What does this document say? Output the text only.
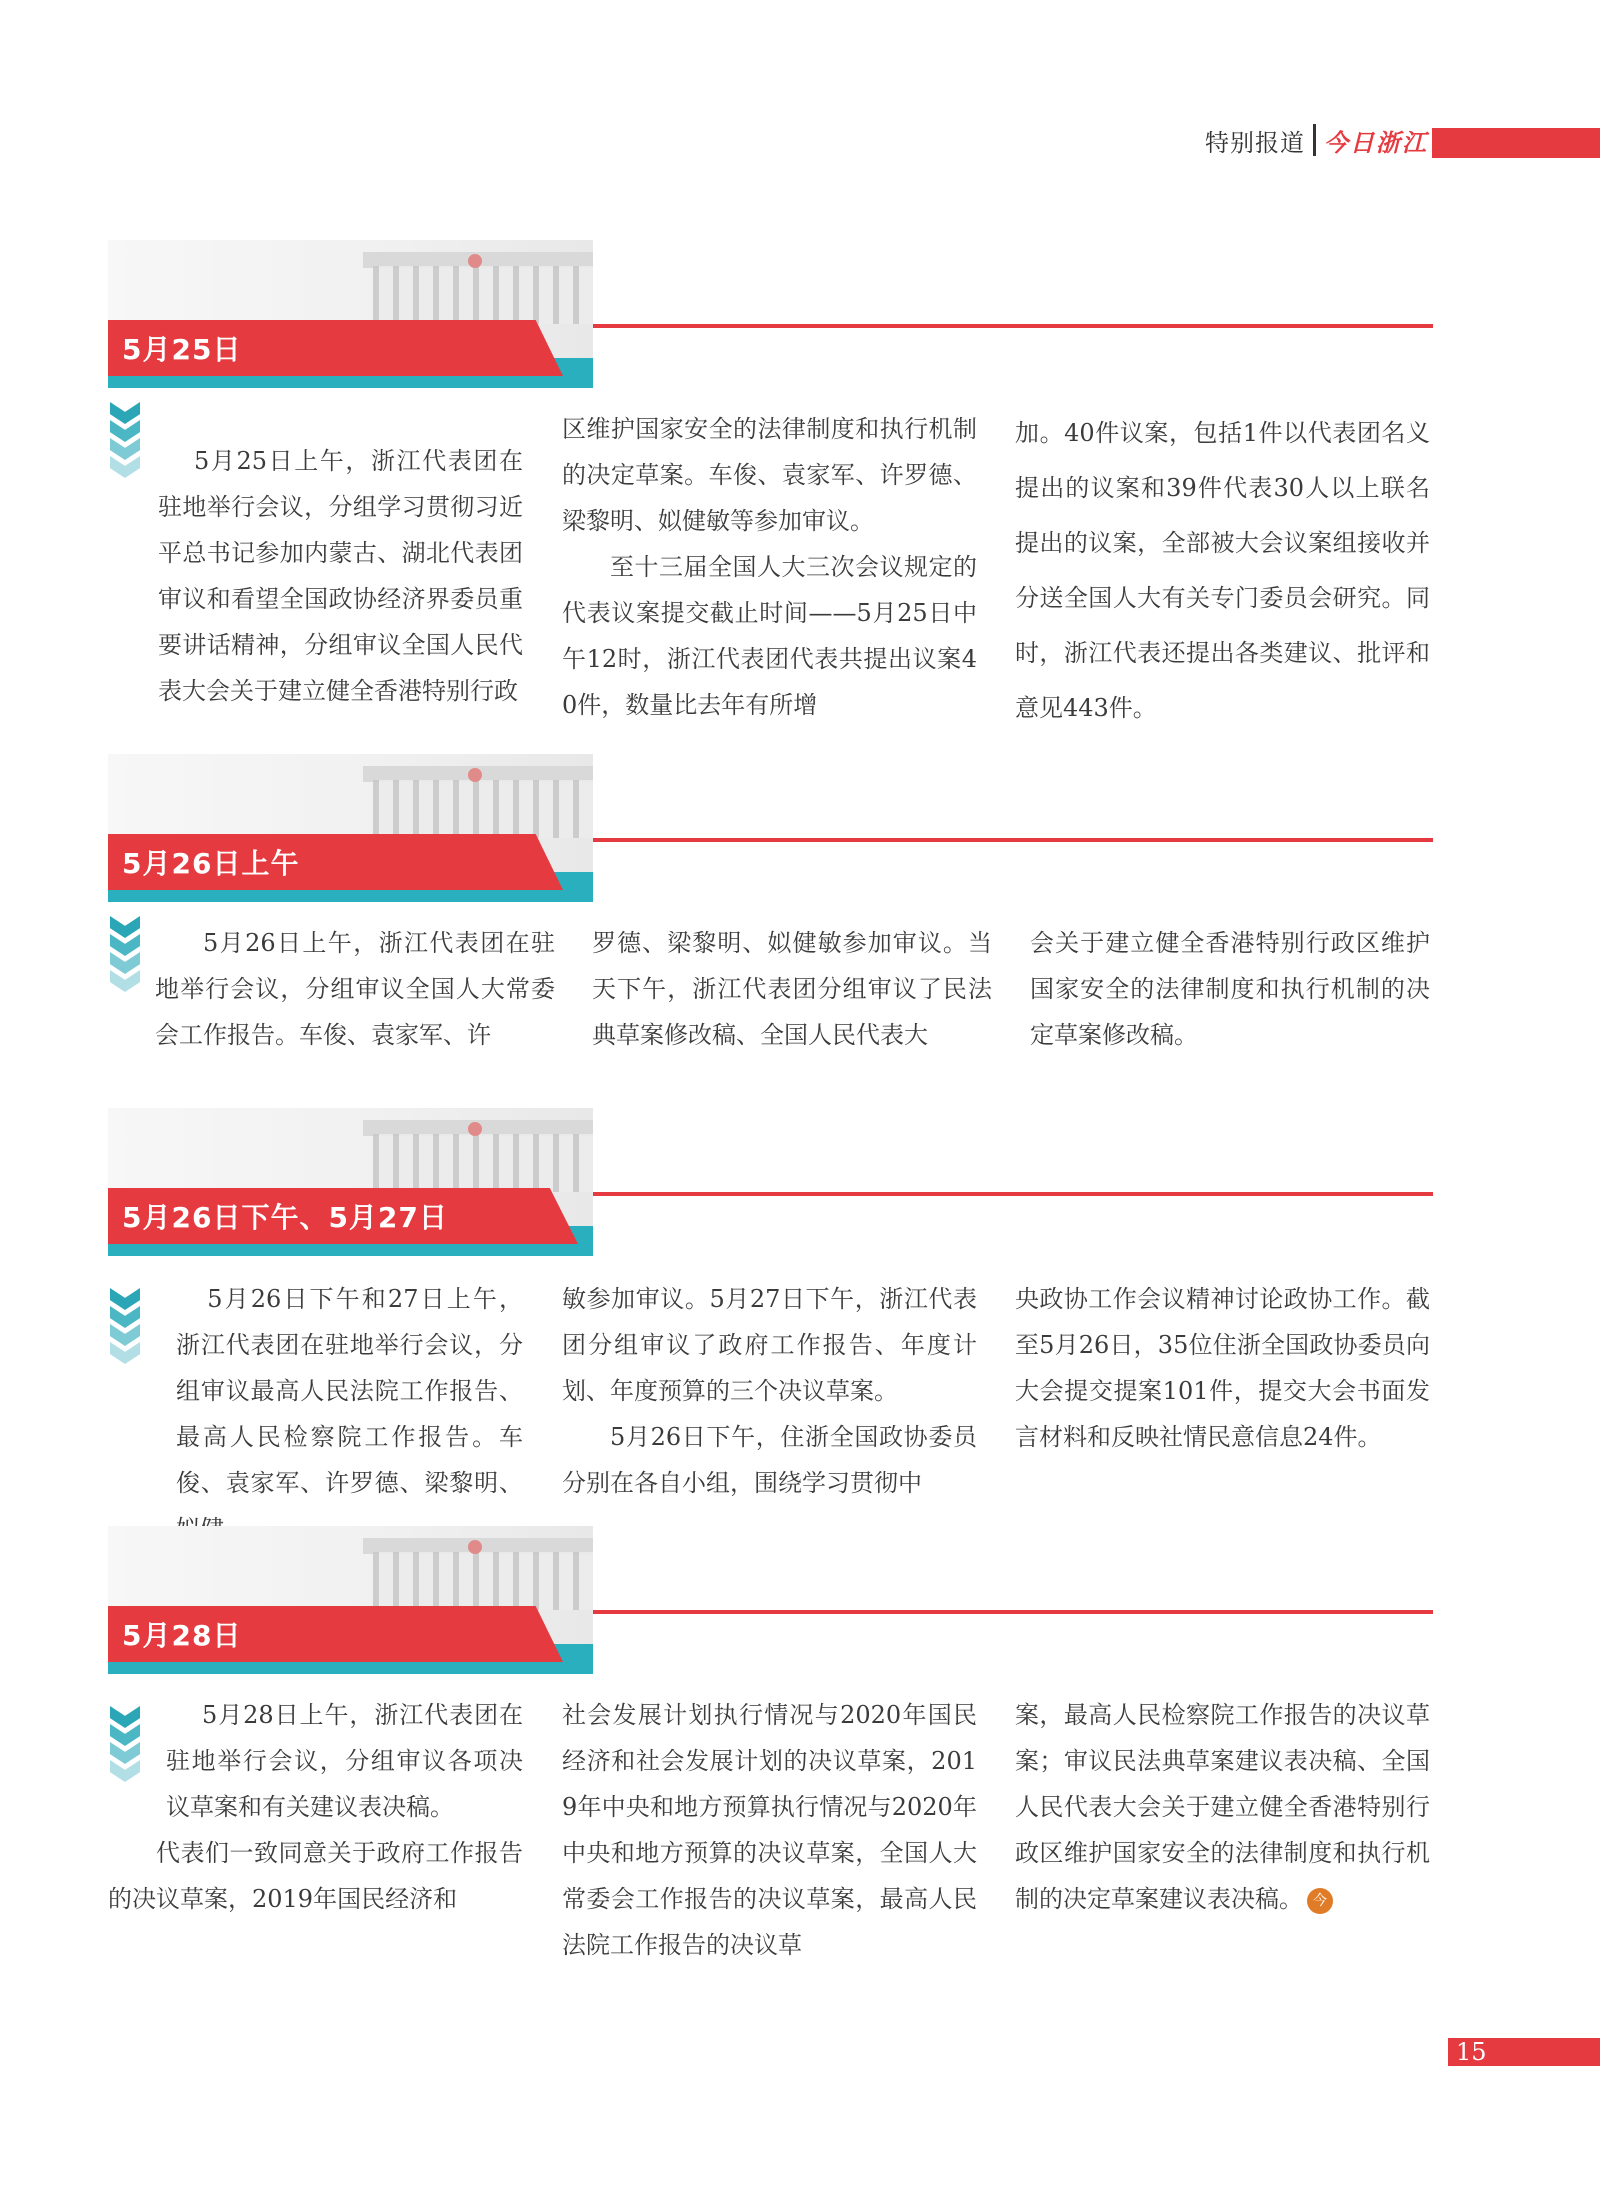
特别报道 今日浙江
5月25日

5月25日上午，浙江代表团在驻地举行会议，分组学习贯彻习近平总书记参加内蒙古、湖北代表团审议和看望全国政协经济界委员重要讲话精神，分组审议全国人民代表大会关于建立健全香港特别行政

区维护国家安全的法律制度和执行机制的决定草案。车俊、袁家军、许罗德、梁黎明、姒健敏等参加审议。

至十三届全国人大三次会议规定的代表议案提交截止时间——5月25日中午12时，浙江代表团代表共提出议案40件，数量比去年有所增

加。40件议案，包括1件以代表团名义提出的议案和39件代表30人以上联名提出的议案，全部被大会议案组接收并分送全国人大有关专门委员会研究。同时，浙江代表还提出各类建议、批评和意见443件。

5月26日上午

5月26日上午，浙江代表团在驻地举行会议，分组审议全国人大常委会工作报告。车俊、袁家军、许

罗德、梁黎明、姒健敏参加审议。当天下午，浙江代表团分组审议了民法典草案修改稿、全国人民代表大

会关于建立健全香港特别行政区维护国家安全的法律制度和执行机制的决定草案修改稿。

5月26日下午、5月27日

5月26日下午和27日上午，浙江代表团在驻地举行会议，分组审议最高人民法院工作报告、最高人民检察院工作报告。车俊、袁家军、许罗德、梁黎明、

敏参加审议。5月27日下午，浙江代表团分组审议了政府工作报告、年度计划、年度预算的三个决议草案。

5月26日下午，住浙全国政协委员分别在各自小组，围绕学习贯彻中

央政协工作会议精神讨论政协工作。截至5月26日，35位住浙全国政协委员向大会提交提案101件，提交大会书面发言材料和反映社情民意信息24件。

5月28日

5月28日上午，浙江代表团在驻地举行会议，分组审议各项决议草案和有关建议表决稿。

代表们一致同意关于政府工作报告的决议草案，2019年国民经济和

社会发展计划执行情况与2020年国民经济和社会发展计划的决议草案，2019年中央和地方预算执行情况与2020年中央和地方预算的决议草案，全国人大常委会工作报告的决议草案，最高人民法院工作报告的决议草

案，最高人民检察院工作报告的决议草案；审议民法典草案建议表决稿、全国人民代表大会关于建立健全香港特别行政区维护国家安全的法律制度和执行机制的决定草案建议表决稿。 今

15
